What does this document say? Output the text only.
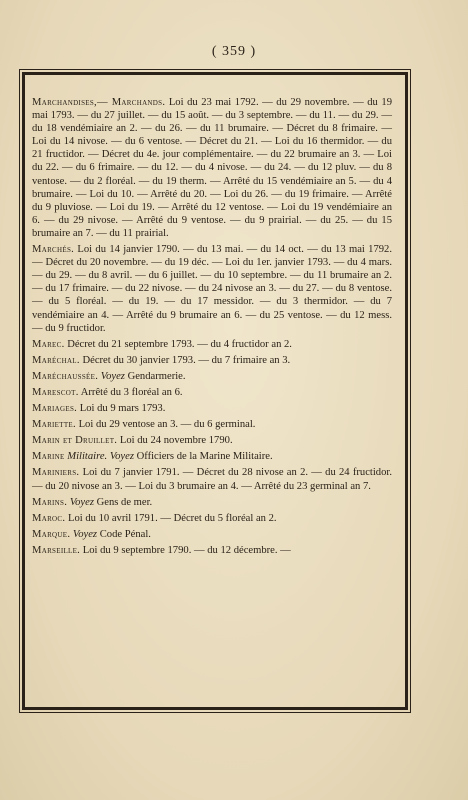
( 359 )

Marchandises,— Marchands. Loi du 23 mai 1792. — du 29 novembre. — du 19 mai 1793. — du 27 juillet. — du 15 août. — du 3 septembre. — du 11. — du 29. — du 18 vendémiaire an 2. — du 26. — du 11 brumaire. — Décret du 8 frimaire. — Loi du 14 nivose. — du 6 ventose. — Décret du 21. — Loi du 16 thermidor. — du 21 fructidor. — Décret du 4e. jour complémentaire. — du 22 brumaire an 3. — Loi du 22. — du 6 frimaire. — du 12. — du 4 nivose. — du 24. — du 12 pluv. — du 8 ventose. — du 2 floréal. — du 19 therm. — Arrêté du 15 vendémiaire an 5. — du 4 brumaire. — Loi du 10. — Arrêté du 20. — Loi du 26. — du 19 frimaire. — Arrêté du 9 pluviose. — Loi du 19. — Arrêté du 12 ventose. — Loi du 19 vendémiaire an 6. — du 29 nivose. — Arrêté du 9 ventose. — du 9 prairial. — du 25. — du 15 brumaire an 7. — du 11 prairial.

Marchés. Loi du 14 janvier 1790. — du 13 mai. — du 14 oct. — du 13 mai 1792. — Décret du 20 novembre. — du 19 déc. — Loi du 1er. janvier 1793. — du 4 mars. — du 29. — du 8 avril. — du 6 juillet. — du 10 septembre. — du 11 brumaire an 2. — du 17 frimaire. — du 22 nivose. — du 24 nivose an 3. — du 27. — du 8 ventose. — du 5 floréal. — du 19. — du 17 messidor. — du 3 thermidor. — du 7 vendémiaire an 4. — Arrêté du 9 brumaire an 6. — du 25 ventose. — du 12 mess. — du 9 fructidor.

Marec. Décret du 21 septembre 1793. — du 4 fructidor an 2.

Maréchal. Décret du 30 janvier 1793. — du 7 frimaire an 3.

Maréchaussée. Voyez Gendarmerie.

Marescot. Arrêté du 3 floréal an 6.

Mariages. Loi du 9 mars 1793.

Mariette. Loi du 29 ventose an 3. — du 6 germinal.

Marin et Druillet. Loi du 24 novembre 1790.

Marine Militaire. Voyez Officiers de la Marine Militaire.

Mariniers. Loi du 7 janvier 1791. — Décret du 28 nivose an 2. — du 24 fructidor. — du 20 nivose an 3. — Loi du 3 brumaire an 4. — Arrêté du 23 germinal an 7.

Marins. Voyez Gens de mer.

Maroc. Loi du 10 avril 1791. — Décret du 5 floréal an 2.

Marque. Voyez Code Pénal.

Marseille. Loi du 9 septembre 1790. — du 12 décembre. —
